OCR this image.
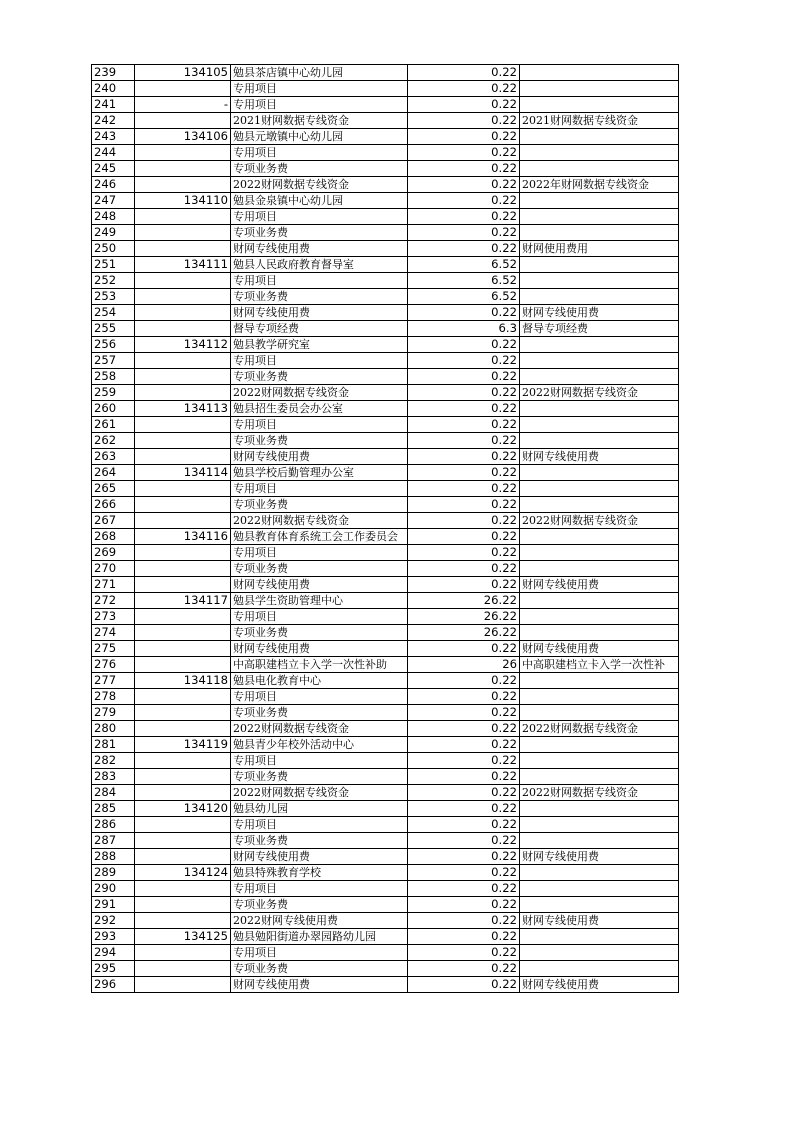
239	134105	勉县茶店镇中心幼儿园	0.22	
240		专用项目	0.22	
241	-	专用项目	0.22	
242		2021财网数据专线资金	0.22	2021财网数据专线资金
243	134106	勉县元墩镇中心幼儿园	0.22	
244		专用项目	0.22	
245		专项业务费	0.22	
246		2022财网数据专线资金	0.22	2022年财网数据专线资金
247	134110	勉县金泉镇中心幼儿园	0.22	
248		专用项目	0.22	
249		专项业务费	0.22	
250		财网专线使用费	0.22	财网使用费用
251	134111	勉县人民政府教育督导室	6.52	
252		专用项目	6.52	
253		专项业务费	6.52	
254		财网专线使用费	0.22	财网专线使用费
255		督导专项经费	6.3	督导专项经费
256	134112	勉县教学研究室	0.22	
257		专用项目	0.22	
258		专项业务费	0.22	
259		2022财网数据专线资金	0.22	2022财网数据专线资金
260	134113	勉县招生委员会办公室	0.22	
261		专用项目	0.22	
262		专项业务费	0.22	
263		财网专线使用费	0.22	财网专线使用费
264	134114	勉县学校后勤管理办公室	0.22	
265		专用项目	0.22	
266		专项业务费	0.22	
267		2022财网数据专线资金	0.22	2022财网数据专线资金
268	134116	勉县教育体育系统工会工作委员会	0.22	
269		专用项目	0.22	
270		专项业务费	0.22	
271		财网专线使用费	0.22	财网专线使用费
272	134117	勉县学生资助管理中心	26.22	
273		专用项目	26.22	
274		专项业务费	26.22	
275		财网专线使用费	0.22	财网专线使用费
276		中高职建档立卡入学一次性补助	26	中高职建档立卡入学一次性补
277	134118	勉县电化教育中心	0.22	
278		专用项目	0.22	
279		专项业务费	0.22	
280		2022财网数据专线资金	0.22	2022财网数据专线资金
281	134119	勉县青少年校外活动中心	0.22	
282		专用项目	0.22	
283		专项业务费	0.22	
284		2022财网数据专线资金	0.22	2022财网数据专线资金
285	134120	勉县幼儿园	0.22	
286		专用项目	0.22	
287		专项业务费	0.22	
288		财网专线使用费	0.22	财网专线使用费
289	134124	勉县特殊教育学校	0.22	
290		专用项目	0.22	
291		专项业务费	0.22	
292		2022财网专线使用费	0.22	财网专线使用费
293	134125	勉县勉阳街道办翠园路幼儿园	0.22	
294		专用项目	0.22	
295		专项业务费	0.22	
296		财网专线使用费	0.22	财网专线使用费
